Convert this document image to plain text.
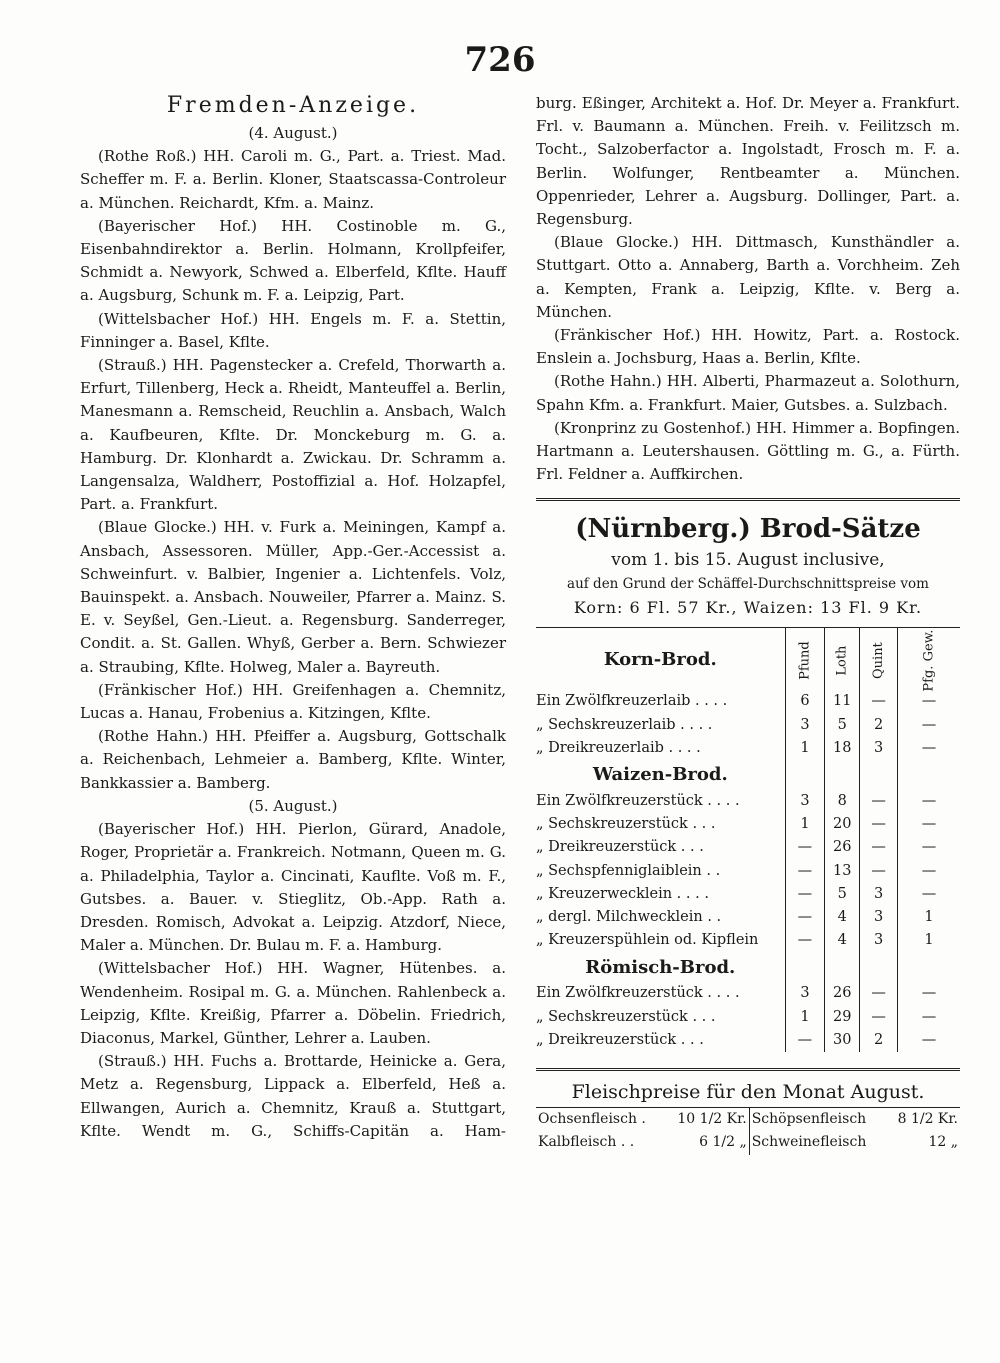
726
Fremden-Anzeige.
(4. August.)

(Rothe Roß.) HH. Caroli m. G., Part. a. Triest. Mad. Scheffer m. F. a. Berlin. Kloner, Staatscassa-Controleur a. München. Reichardt, Kfm. a. Mainz.

(Bayerischer Hof.) HH. Costinoble m. G., Eisenbahndirektor a. Berlin. Holmann, Krollpfeifer, Schmidt a. Newyork, Schwed a. Elberfeld, Kflte. Hauff a. Augsburg, Schunk m. F. a. Leipzig, Part.

(Wittelsbacher Hof.) HH. Engels m. F. a. Stettin, Finninger a. Basel, Kflte.

(Strauß.) HH. Pagenstecker a. Crefeld, Thorwarth a. Erfurt, Tillenberg, Heck a. Rheidt, Manteuffel a. Berlin, Manesmann a. Remscheid, Reuchlin a. Ansbach, Walch a. Kaufbeuren, Kflte. Dr. Monckeburg m. G. a. Hamburg. Dr. Klonhardt a. Zwickau. Dr. Schramm a. Langensalza, Waldherr, Postoffizial a. Hof. Holzapfel, Part. a. Frankfurt.

(Blaue Glocke.) HH. v. Furk a. Meiningen, Kampf a. Ansbach, Assessoren. Müller, App.-Ger.-Accessist a. Schweinfurt. v. Balbier, Ingenier a. Lichtenfels. Volz, Bauinspekt. a. Ansbach. Nouweiler, Pfarrer a. Mainz. S. E. v. Seyßel, Gen.-Lieut. a. Regensburg. Sanderreger, Condit. a. St. Gallen. Whyß, Gerber a. Bern. Schwiezer a. Straubing, Kflte. Holweg, Maler a. Bayreuth.

(Fränkischer Hof.) HH. Greifenhagen a. Chemnitz, Lucas a. Hanau, Frobenius a. Kitzingen, Kflte.

(Rothe Hahn.) HH. Pfeiffer a. Augsburg, Gottschalk a. Reichenbach, Lehmeier a. Bamberg, Kflte. Winter, Bankkassier a. Bamberg.

(5. August.)

(Bayerischer Hof.) HH. Pierlon, Gürard, Anadole, Roger, Proprietär a. Frankreich. Notmann, Queen m. G. a. Philadelphia, Taylor a. Cincinati, Kauflte. Voß m. F., Gutsbes. a. Bauer. v. Stieglitz, Ob.-App. Rath a. Dresden. Romisch, Advokat a. Leipzig. Atzdorf, Niece, Maler a. München. Dr. Bulau m. F. a. Hamburg.

(Wittelsbacher Hof.) HH. Wagner, Hütenbes. a. Wendenheim. Rosipal m. G. a. München. Rahlenbeck a. Leipzig, Kflte. Kreißig, Pfarrer a. Döbelin. Friedrich, Diaconus, Markel, Günther, Lehrer a. Lauben.

(Strauß.) HH. Fuchs a. Brottarde, Heinicke a. Gera, Metz a. Regensburg, Lippack a. Elberfeld, Heß a. Ellwangen, Aurich a. Chemnitz, Krauß a. Stuttgart, Kflte. Wendt m. G., Schiffs-Capitän a. Ham-

burg. Eßinger, Architekt a. Hof. Dr. Meyer a. Frankfurt. Frl. v. Baumann a. München. Freih. v. Feilitzsch m. Tocht., Salzoberfactor a. Ingolstadt, Frosch m. F. a. Berlin. Wolfunger, Rentbeamter a. München. Oppenrieder, Lehrer a. Augsburg. Dollinger, Part. a. Regensburg.

(Blaue Glocke.) HH. Dittmasch, Kunsthändler a. Stuttgart. Otto a. Annaberg, Barth a. Vorchheim. Zeh a. Kempten, Frank a. Leipzig, Kflte. v. Berg a. München.

(Fränkischer Hof.) HH. Howitz, Part. a. Rostock. Enslein a. Jochsburg, Haas a. Berlin, Kflte.

(Rothe Hahn.) HH. Alberti, Pharmazeut a. Solothurn, Spahn Kfm. a. Frankfurt. Maier, Gutsbes. a. Sulzbach.

(Kronprinz zu Gostenhof.) HH. Himmer a. Bopfingen. Hartmann a. Leutershausen. Göttling m. G., a. Fürth. Frl. Feldner a. Auffkirchen.

(Nürnberg.) Brod-Sätze
vom 1. bis 15. August inclusive,
auf den Grund der Schäffel-Durchschnittspreise vom
Korn: 6 Fl. 57 Kr., Waizen: 13 Fl. 9 Kr.
Korn-Brod.	Pfund	Loth	Quint	Pfg. Gew.
Ein Zwölfkreuzerlaib . . . .	6	11	—	—
„ Sechskreuzerlaib . . . .	3	5	2	—
„ Dreikreuzerlaib . . . .	1	18	3	—
Waizen-Brod.				
Ein Zwölfkreuzerstück . . . .	3	8	—	—
„ Sechskreuzerstück . . .	1	20	—	—
„ Dreikreuzerstück . . .	—	26	—	—
„ Sechspfenniglaiblein . .	—	13	—	—
„ Kreuzerwecklein . . . .	—	5	3	—
„ dergl. Milchwecklein . .	—	4	3	1
„ Kreuzerspühlein od. Kipflein	—	4	3	1
Römisch-Brod.				
Ein Zwölfkreuzerstück . . . .	3	26	—	—
„ Sechskreuzerstück . . .	1	29	—	—
„ Dreikreuzerstück . . .	—	30	2	—
Fleischpreise für den Monat August.
Ochsenfleisch .	10 1/2 Kr.	Schöpsenfleisch	8 1/2 Kr.
Kalbfleisch . .	6 1/2 „	Schweinefleisch	12 „
